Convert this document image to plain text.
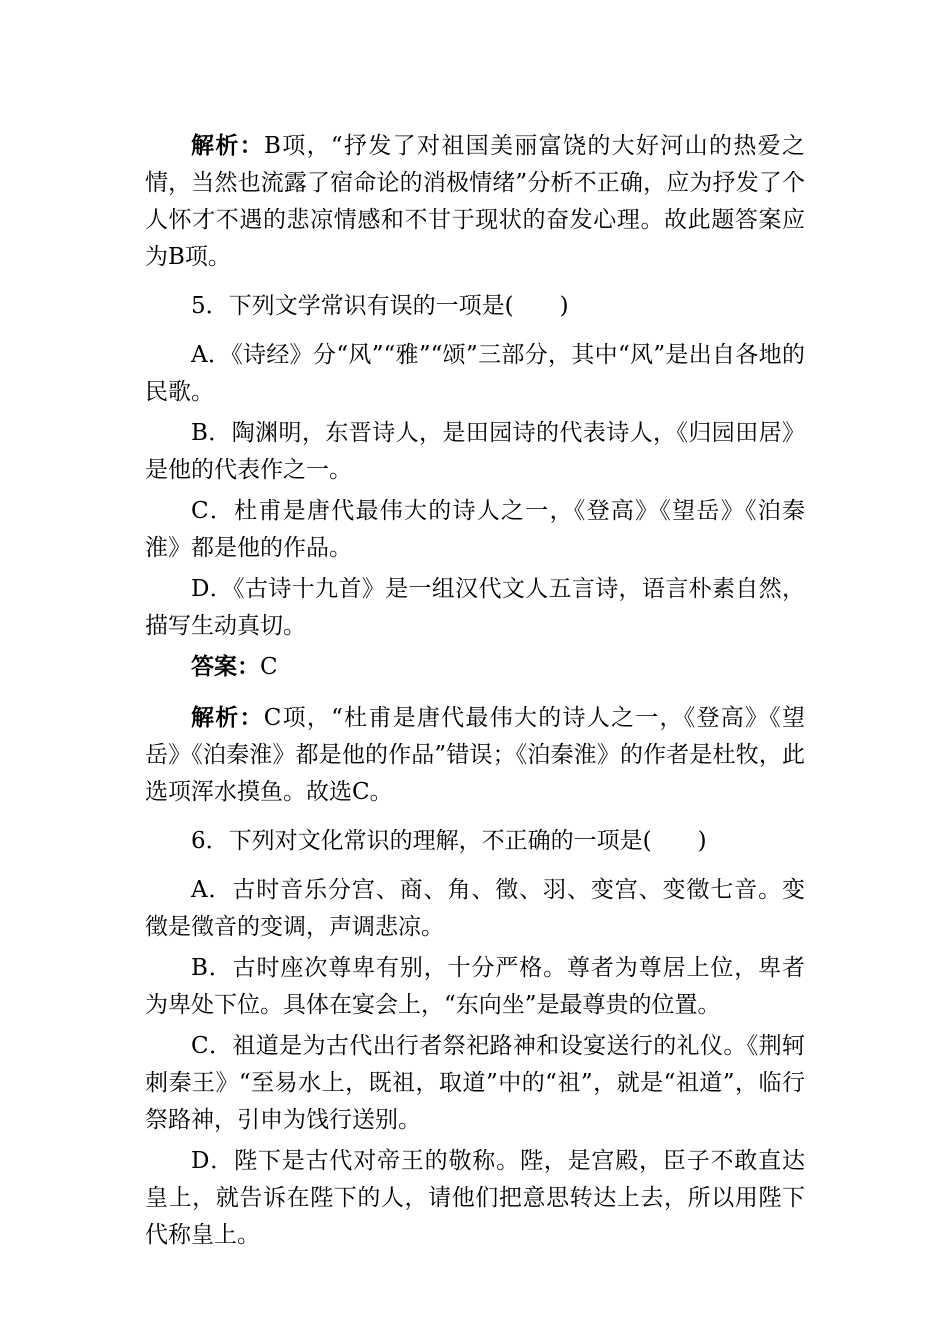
解析：B项，“抒发了对祖国美丽富饶的大好河山的热爱之情，当然也流露了宿命论的消极情绪”分析不正确，应为抒发了个人怀才不遇的悲凉情感和不甘于现状的奋发心理。故此题答案应为B项。

5．下列文学常识有误的一项是(　　)

A．《诗经》分“风”“雅”“颂”三部分，其中“风”是出自各地的民歌。

B．陶渊明，东晋诗人，是田园诗的代表诗人，《归园田居》是他的代表作之一。

C．杜甫是唐代最伟大的诗人之一，《登高》《望岳》《泊秦淮》都是他的作品。

D．《古诗十九首》是一组汉代文人五言诗，语言朴素自然，描写生动真切。

答案：C

解析：C项，“杜甫是唐代最伟大的诗人之一，《登高》《望岳》《泊秦淮》都是他的作品”错误；《泊秦淮》的作者是杜牧，此选项浑水摸鱼。故选C。

6．下列对文化常识的理解，不正确的一项是(　　)

A．古时音乐分宫、商、角、徵、羽、变宫、变徵七音。变徵是徵音的变调，声调悲凉。

B．古时座次尊卑有别，十分严格。尊者为尊居上位，卑者为卑处下位。具体在宴会上，“东向坐”是最尊贵的位置。

C．祖道是为古代出行者祭祀路神和设宴送行的礼仪。《荆轲刺秦王》“至易水上，既祖，取道”中的“祖”，就是“祖道”，临行祭路神，引申为饯行送别。

D．陛下是古代对帝王的敬称。陛，是宫殿，臣子不敢直达皇上，就告诉在陛下的人，请他们把意思转达上去，所以用陛下代称皇上。
